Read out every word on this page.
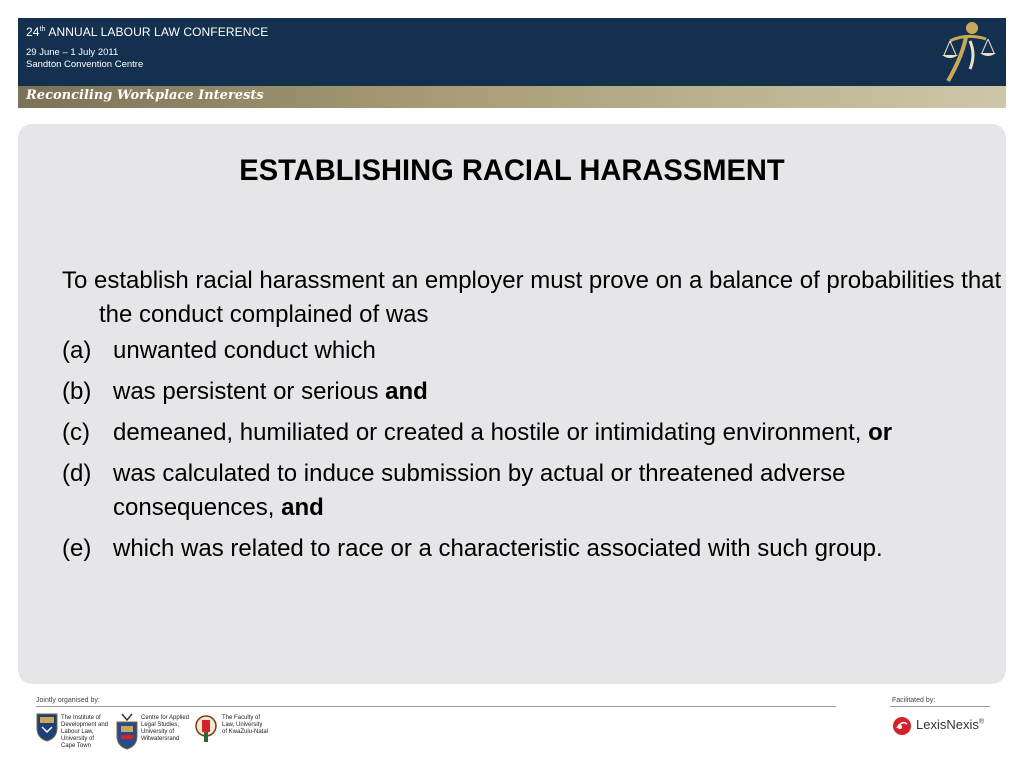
24th ANNUAL LABOUR LAW CONFERENCE
29 June – 1 July 2011
Sandton Convention Centre
Reconciling Workplace Interests
ESTABLISHING RACIAL HARASSMENT
To establish racial harassment an employer must prove on a balance of probabilities that the conduct complained of was
(a) unwanted conduct which
(b) was persistent or serious and
(c) demeaned, humiliated or created a hostile or intimidating environment, or
(d) was calculated to induce submission by actual or threatened adverse consequences, and
(e) which was related to race or a characteristic associated with such group.
Jointly organised by:	Facilitated by:
The Institute of
Development and
Labour Law,
University of
Cape Town
Centre for Applied
Legal Studies,
University of
Witwatersrand
The Faculty of
Law, University
of KwaZulu-Natal	LexisNexis®
